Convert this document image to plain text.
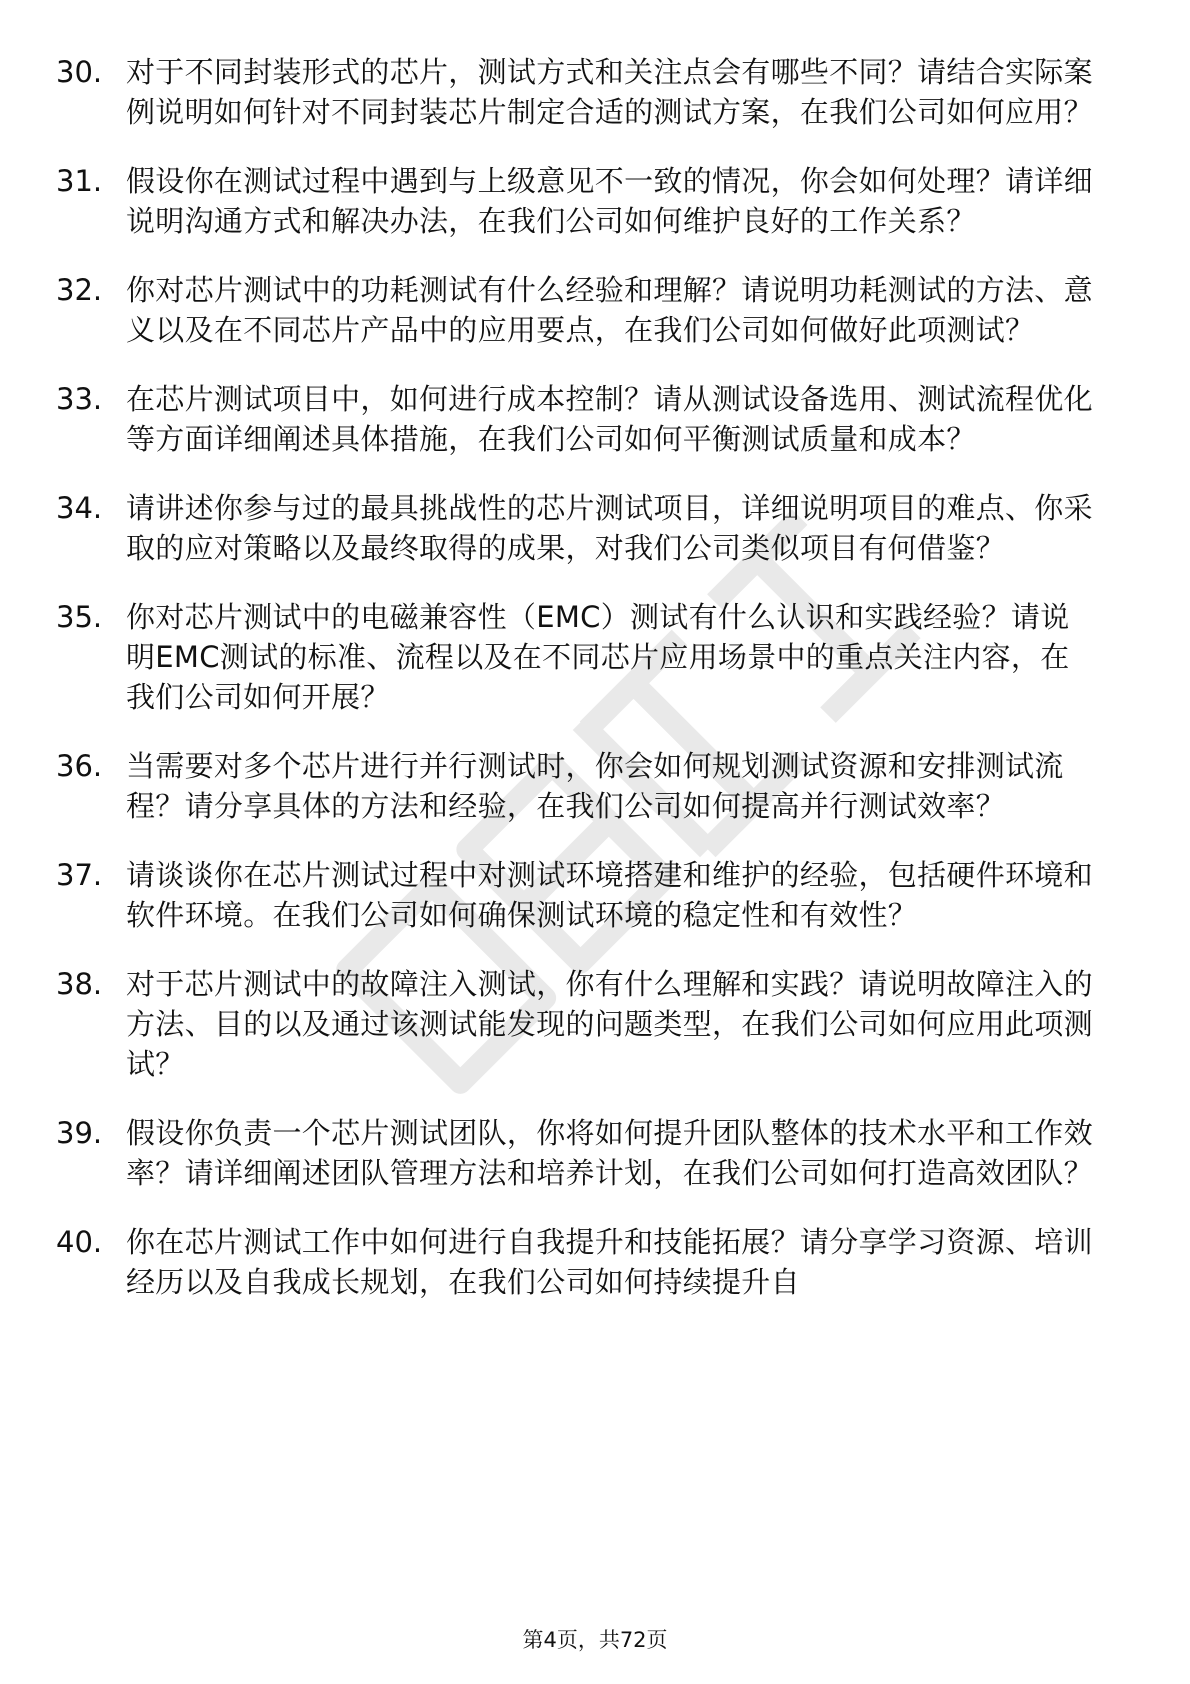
30. 对于不同封装形式的芯片，测试方式和关注点会有哪些不同？请结合实际案例说明如何针对不同封装芯片制定合适的测试方案，在我们公司如何应用？
31. 假设你在测试过程中遇到与上级意见不一致的情况，你会如何处理？请详细说明沟通方式和解决办法，在我们公司如何维护良好的工作关系？
32. 你对芯片测试中的功耗测试有什么经验和理解？请说明功耗测试的方法、意义以及在不同芯片产品中的应用要点，在我们公司如何做好此项测试？
33. 在芯片测试项目中，如何进行成本控制？请从测试设备选用、测试流程优化等方面详细阐述具体措施，在我们公司如何平衡测试质量和成本？
34. 请讲述你参与过的最具挑战性的芯片测试项目，详细说明项目的难点、你采取的应对策略以及最终取得的成果，对我们公司类似项目有何借鉴？
35. 你对芯片测试中的电磁兼容性（EMC）测试有什么认识和实践经验？请说明EMC测试的标准、流程以及在不同芯片应用场景中的重点关注内容，在我们公司如何开展？
36. 当需要对多个芯片进行并行测试时，你会如何规划测试资源和安排测试流程？请分享具体的方法和经验，在我们公司如何提高并行测试效率？
37. 请谈谈你在芯片测试过程中对测试环境搭建和维护的经验，包括硬件环境和软件环境。在我们公司如何确保测试环境的稳定性和有效性？
38. 对于芯片测试中的故障注入测试，你有什么理解和实践？请说明故障注入的方法、目的以及通过该测试能发现的问题类型，在我们公司如何应用此项测试？
39. 假设你负责一个芯片测试团队，你将如何提升团队整体的技术水平和工作效率？请详细阐述团队管理方法和培养计划，在我们公司如何打造高效团队？
40. 你在芯片测试工作中如何进行自我提升和技能拓展？请分享学习资源、培训经历以及自我成长规划，在我们公司如何持续提升自
第4页，共72页
